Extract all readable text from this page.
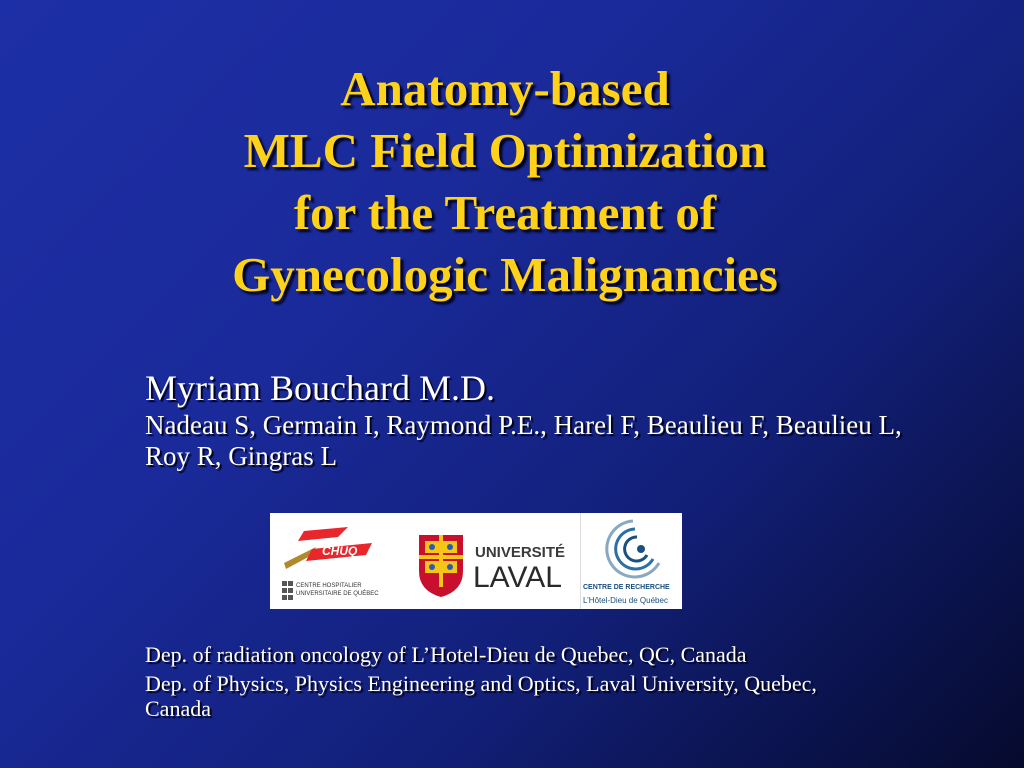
Anatomy-based
MLC Field Optimization
for the Treatment of
Gynecologic Malignancies
Myriam Bouchard M.D.
Nadeau S, Germain I, Raymond P.E., Harel F, Beaulieu F, Beaulieu L, Roy R, Gingras L
CHUQ
CENTRE HOSPITALIER
UNIVERSITAIRE DE QUÉBEC
UNIVERSITÉ
LAVAL	CENTRE DE RECHERCHE
L’Hôtel-Dieu de Québec

Dep. of radiation oncology of L’Hotel-Dieu de Quebec, QC, Canada

Dep. of Physics, Physics Engineering and Optics, Laval University, Quebec, Canada
